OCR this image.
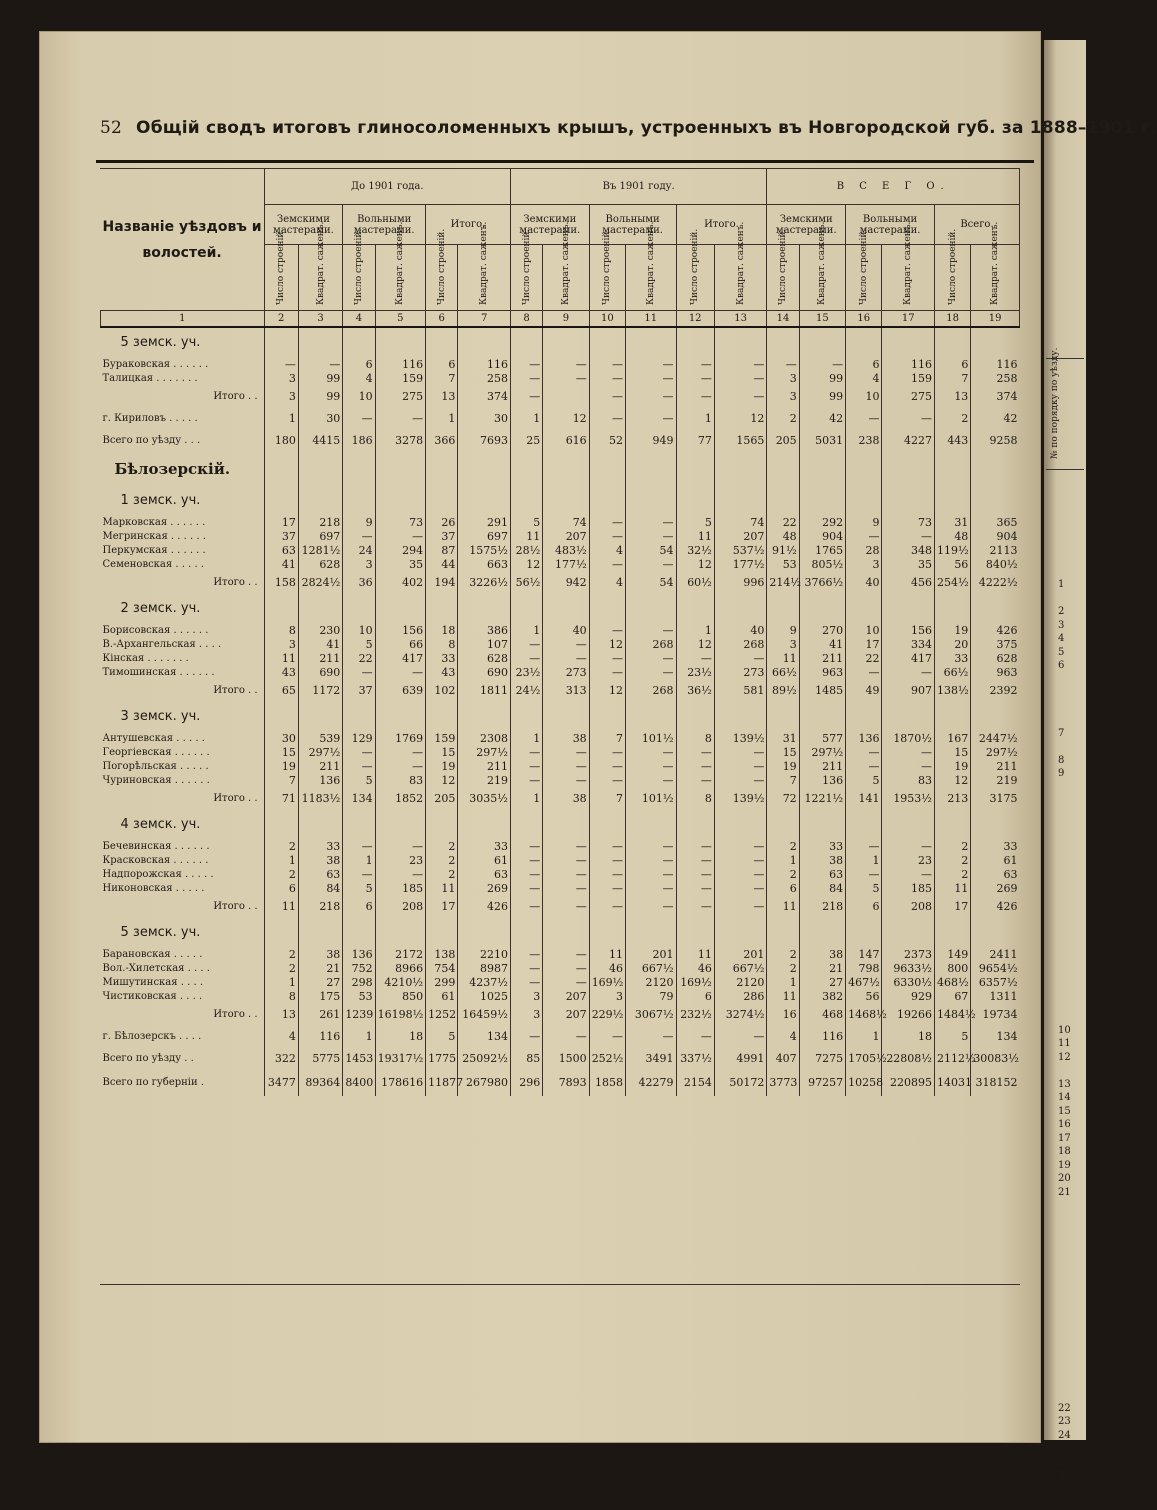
№ по порядку по уѣзду.
1
2
3
4
5
6
7
8
9
10
11
12
13
14
15
16
17
18
19
20
21
22
23
24
25
26
27
28
29
52 Общій сводъ итоговъ глиносоломенныхъ крышъ, устроенныхъ въ Новгородской губ. за 1888–1901 г.
Названіе уѣздовъ и волостей.	До 1901 года.						Въ 1901 году.						В С Е Г О.					
	Земскими мастерами.		Вольными мастерами.		Итого.		Земскими мастерами.		Вольными мастерами.		Итого.		Земскими мастерами.		Вольными мастерами.		Всего.	
	Число строеній.	Квадрат. саженъ.	Число строеній.	Квадрат. саженъ.	Число строеній.	Квадрат. саженъ.	Число строеній.	Квадрат. саженъ.	Число строеній.	Квадрат. саженъ.	Число строеній.	Квадрат. саженъ.	Число строеній.	Квадрат. саженъ.	Число строеній.	Квадрат. саженъ.	Число строеній.	Квадрат. саженъ.
1	2	3	4	5	6	7	8	9	10	11	12	13	14	15	16	17	18	19
5 земск. уч.																		
Бураковская . . . . . .	—	—	6	116	6	116	—	—	—	—	—	—	—	—	6	116	6	116
Талицкая . . . . . . .	3	99	4	159	7	258	—	—	—	—	—	—	3	99	4	159	7	258
Итого . .	3	99	10	275	13	374	—		—	—	—	—	3	99	10	275	13	374
г. Кириловъ . . . . .	1	30	—	—	1	30	1	12	—	—	1	12	2	42	—	—	2	42
Всего по уѣзду . . .	180	4415	186	3278	366	7693	25	616	52	949	77	1565	205	5031	238	4227	443	9258
Бѣлозерскій.																		
1 земск. уч.																		
Марковская . . . . . .	17	218	9	73	26	291	5	74	—	—	5	74	22	292	9	73	31	365
Мегринская . . . . . .	37	697	—	—	37	697	11	207	—	—	11	207	48	904	—	—	48	904
Перкумская . . . . . .	63	1281½	24	294	87	1575½	28½	483½	4	54	32½	537½	91½	1765	28	348	119½	2113
Семеновская . . . . .	41	628	3	35	44	663	12	177½	—	—	12	177½	53	805½	3	35	56	840½
Итого . .	158	2824½	36	402	194	3226½	56½	942	4	54	60½	996	214½	3766½	40	456	254½	4222½
2 земск. уч.																		
Борисовская . . . . . .	8	230	10	156	18	386	1	40	—	—	1	40	9	270	10	156	19	426
В.-Архангельская . . . .	3	41	5	66	8	107	—	—	12	268	12	268	3	41	17	334	20	375
Кінская . . . . . . .	11	211	22	417	33	628	—	—	—	—	—	—	11	211	22	417	33	628
Тимошинская . . . . . .	43	690	—	—	43	690	23½	273	—	—	23½	273	66½	963	—	—	66½	963
Итого . .	65	1172	37	639	102	1811	24½	313	12	268	36½	581	89½	1485	49	907	138½	2392
3 земск. уч.																		
Антушевская . . . . .	30	539	129	1769	159	2308	1	38	7	101½	8	139½	31	577	136	1870½	167	2447½
Георгіевская . . . . . .	15	297½	—	—	15	297½	—	—	—	—	—	—	15	297½	—	—	15	297½
Погорѣльская . . . . .	19	211	—	—	19	211	—	—	—	—	—	—	19	211	—	—	19	211
Чуриновская . . . . . .	7	136	5	83	12	219	—	—	—	—	—	—	7	136	5	83	12	219
Итого . .	71	1183½	134	1852	205	3035½	1	38	7	101½	8	139½	72	1221½	141	1953½	213	3175
4 земск. уч.																		
Бечевинская . . . . . .	2	33	—	—	2	33	—	—	—	—	—	—	2	33	—	—	2	33
Красковская . . . . . .	1	38	1	23	2	61	—	—	—	—	—	—	1	38	1	23	2	61
Надпорожская . . . . .	2	63	—	—	2	63	—	—	—	—	—	—	2	63	—	—	2	63
Никоновская . . . . .	6	84	5	185	11	269	—	—	—	—	—	—	6	84	5	185	11	269
Итого . .	11	218	6	208	17	426	—	—	—	—	—	—	11	218	6	208	17	426
5 земск. уч.																		
Барановская . . . . .	2	38	136	2172	138	2210	—	—	11	201	11	201	2	38	147	2373	149	2411
Вол.-Хилетская . . . .	2	21	752	8966	754	8987	—	—	46	667½	46	667½	2	21	798	9633½	800	9654½
Мишутинская . . . .	1	27	298	4210½	299	4237½	—	—	169½	2120	169½	2120	1	27	467½	6330½	468½	6357½
Чистиковская . . . .	8	175	53	850	61	1025	3	207	3	79	6	286	11	382	56	929	67	1311
Итого . .	13	261	1239	16198½	1252	16459½	3	207	229½	3067½	232½	3274½	16	468	1468½	19266	1484½	19734
г. Бѣлозерскъ . . . .	4	116	1	18	5	134	—	—	—	—	—	—	4	116	1	18	5	134
Всего по уѣзду . .	322	5775	1453	19317½	1775	25092½	85	1500	252½	3491	337½	4991	407	7275	1705½	22808½	2112½	30083½
Всего по губерніи .	3477	89364	8400	178616	11877	267980	296	7893	1858	42279	2154	50172	3773	97257	10258	220895	14031	318152
